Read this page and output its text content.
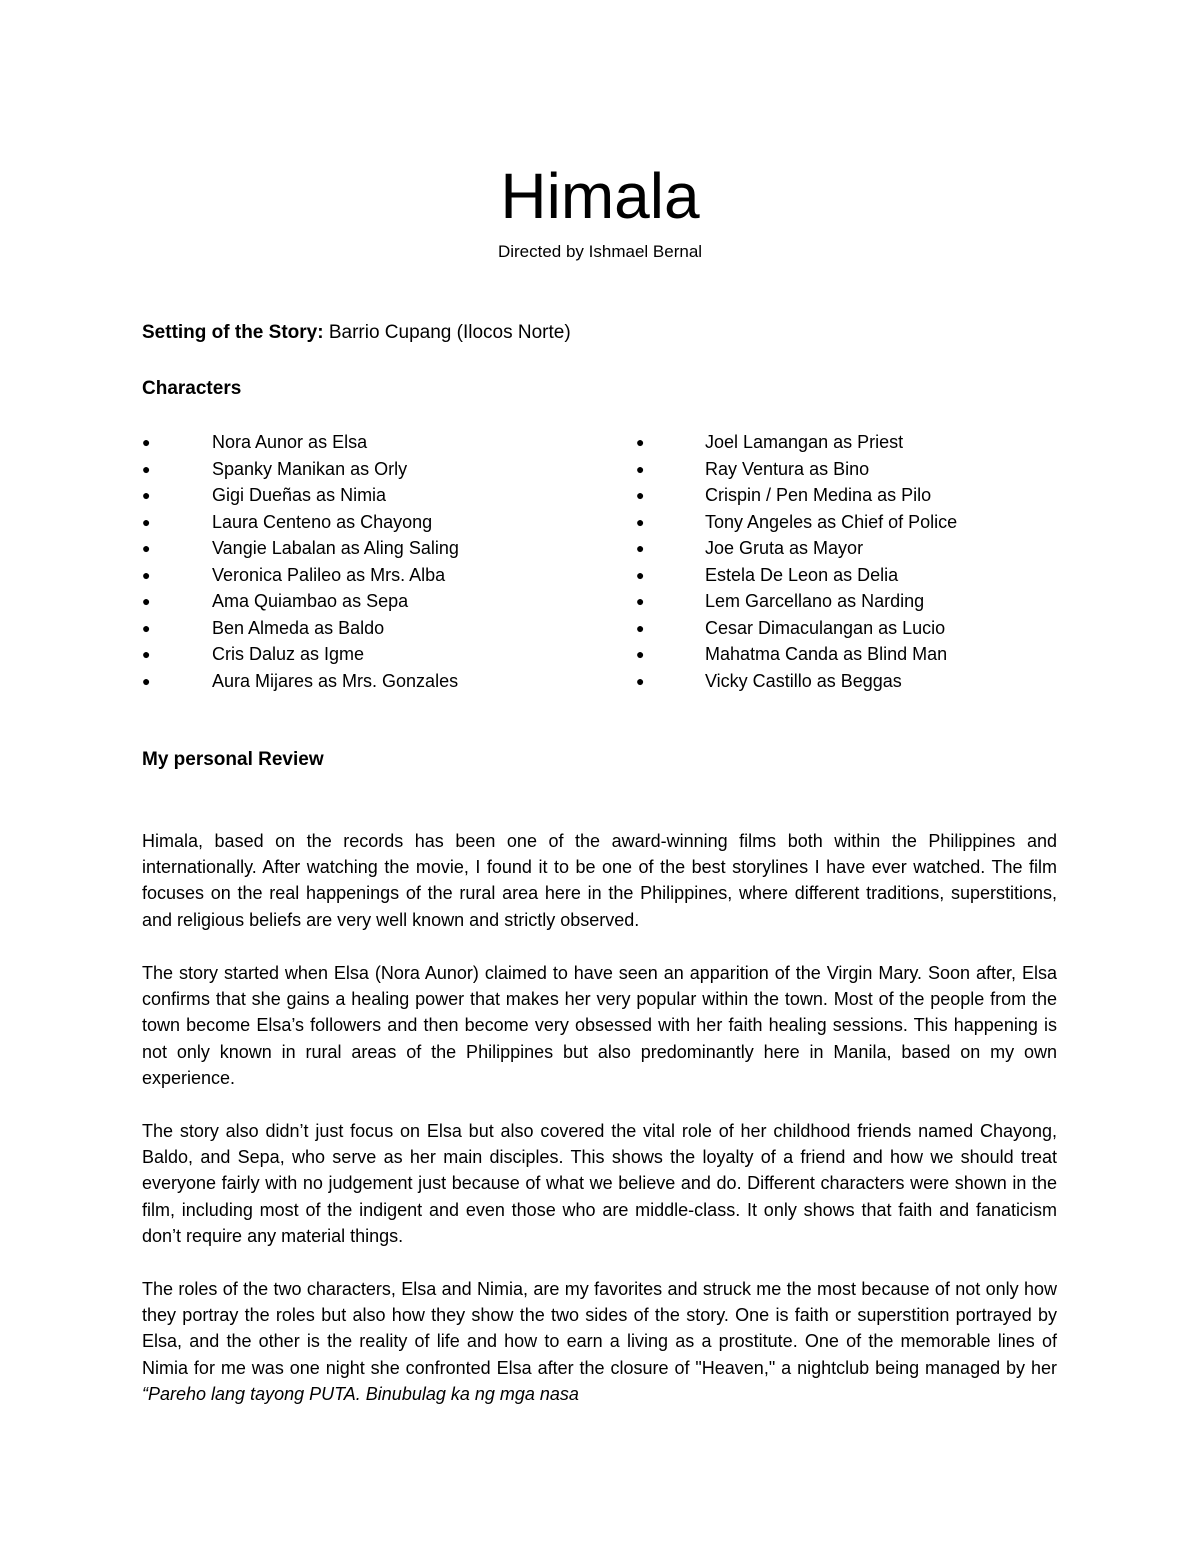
Himala
Directed by Ishmael Bernal
Setting of the Story: Barrio Cupang (Ilocos Norte)
Characters
●	Nora Aunor as Elsa
●	Spanky Manikan as Orly
●	Gigi Dueñas as Nimia
●	Laura Centeno as Chayong
●	Vangie Labalan as Aling Saling
●	Veronica Palileo as Mrs. Alba
●	Ama Quiambao as Sepa
●	Ben Almeda as Baldo
●	Cris Daluz as Igme
●	Aura Mijares as Mrs. Gonzales
●	Joel Lamangan as Priest
●	Ray Ventura as Bino
●	Crispin / Pen Medina as Pilo
●	Tony Angeles as Chief of Police
●	Joe Gruta as Mayor
●	Estela De Leon as Delia
●	Lem Garcellano as Narding
●	Cesar Dimaculangan as Lucio
●	Mahatma Canda as Blind Man
●	Vicky Castillo as Beggas
My personal Review

Himala, based on the records has been one of the award-winning films both within the Philippines and internationally. After watching the movie, I found it to be one of the best storylines I have ever watched. The film focuses on the real happenings of the rural area here in the Philippines, where different traditions, superstitions, and religious beliefs are very well known and strictly observed.

The story started when Elsa (Nora Aunor) claimed to have seen an apparition of the Virgin Mary. Soon after, Elsa confirms that she gains a healing power that makes her very popular within the town. Most of the people from the town become Elsa’s followers and then become very obsessed with her faith healing sessions. This happening is not only known in rural areas of the Philippines but also predominantly here in Manila, based on my own experience.

The story also didn’t just focus on Elsa but also covered the vital role of her childhood friends named Chayong, Baldo, and Sepa, who serve as her main disciples. This shows the loyalty of a friend and how we should treat everyone fairly with no judgement just because of what we believe and do. Different characters were shown in the film, including most of the indigent and even those who are middle-class. It only shows that faith and fanaticism don’t require any material things.

The roles of the two characters, Elsa and Nimia, are my favorites and struck me the most because of not only how they portray the roles but also how they show the two sides of the story. One is faith or superstition portrayed by Elsa, and the other is the reality of life and how to earn a living as a prostitute. One of the memorable lines of Nimia for me was one night she confronted Elsa after the closure of "Heaven," a nightclub being managed by her “Pareho lang tayong PUTA. Binubulag ka ng mga nasa
